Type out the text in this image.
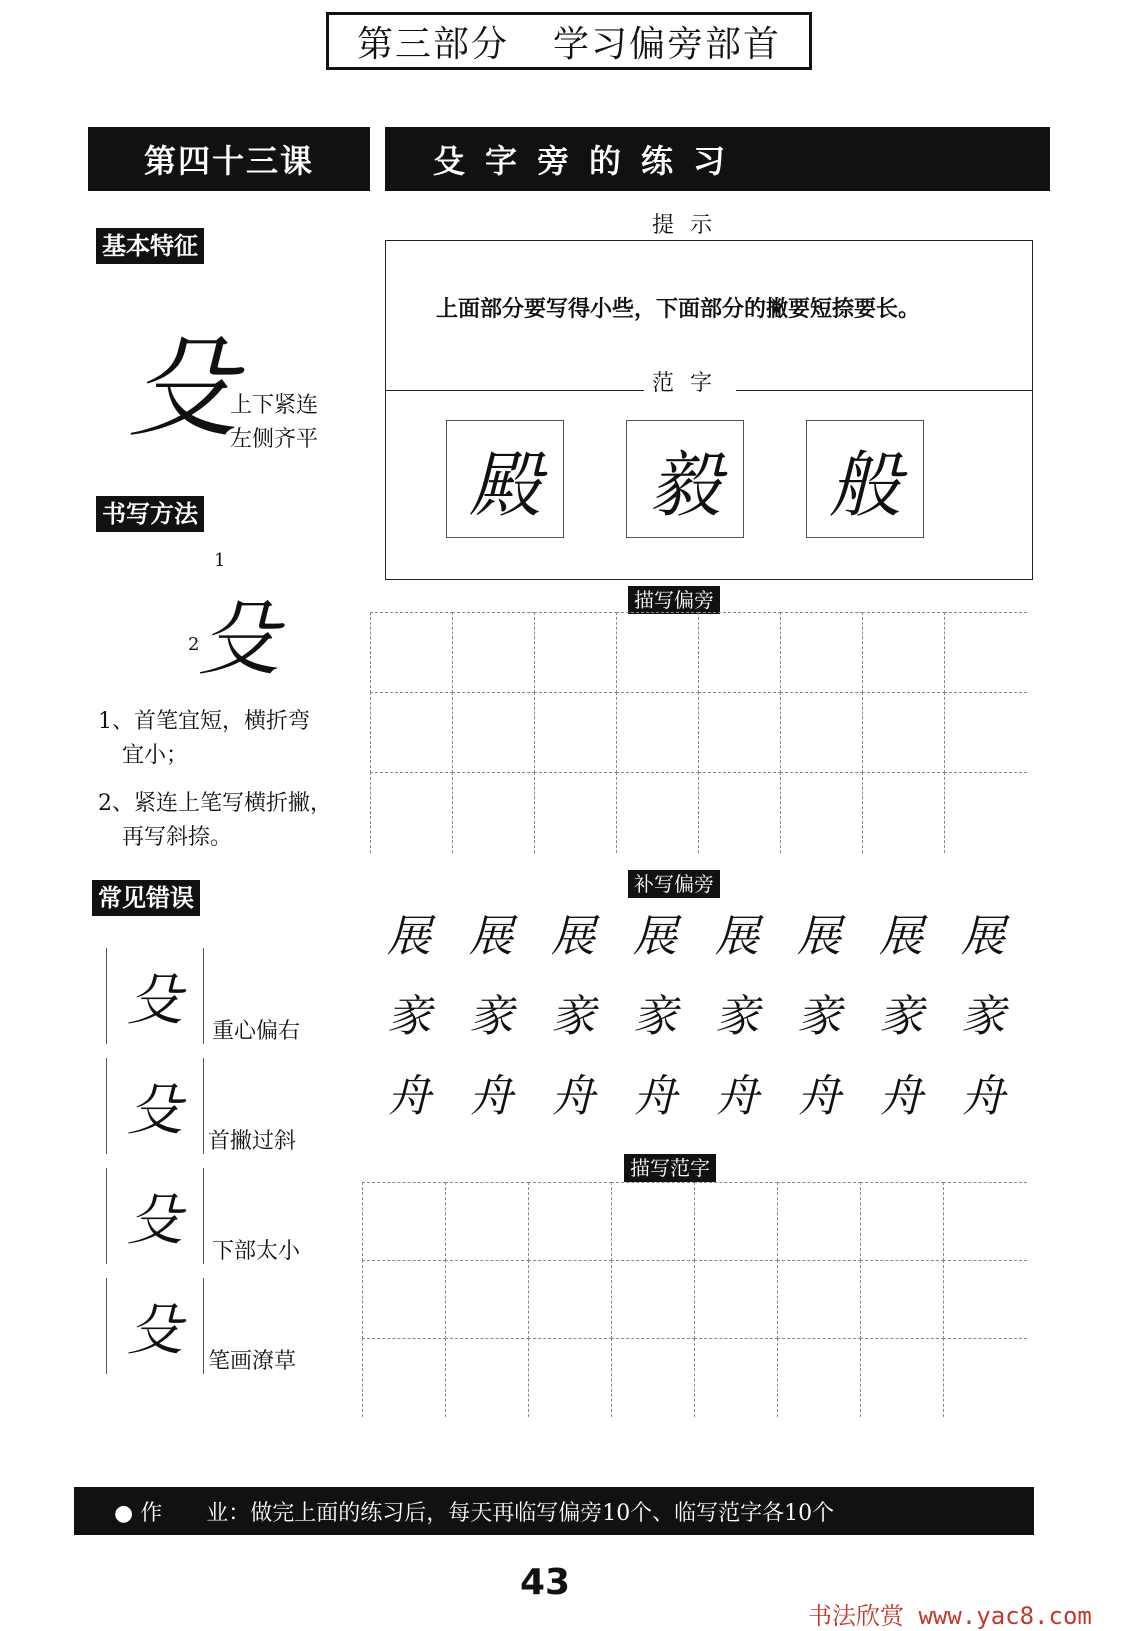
第三部分 学习偏旁部首
第四十三课	殳字旁的练习
基本特征
殳
上下紧连
左侧齐平
书写方法
1
2
殳
1、首笔宜短，横折弯
宜小；
2、紧连上笔写横折撇，
再写斜捺。
常见错误
殳	重心偏右
殳	首撇过斜
殳	下部太小
殳	笔画潦草
提示
上面部分要写得小些，下面部分的撇要短捺要长。
范字
殿	毅	般
描写偏旁
补写偏旁
展 展 展 展 展 展 展 展
豙 豙 豙 豙 豙 豙 豙 豙
舟 舟 舟 舟 舟 舟 舟 舟
描写范字
● 作　　业：做完上面的练习后，每天再临写偏旁10个、临写范字各10个
43
书法欣赏 www.yac8.com
